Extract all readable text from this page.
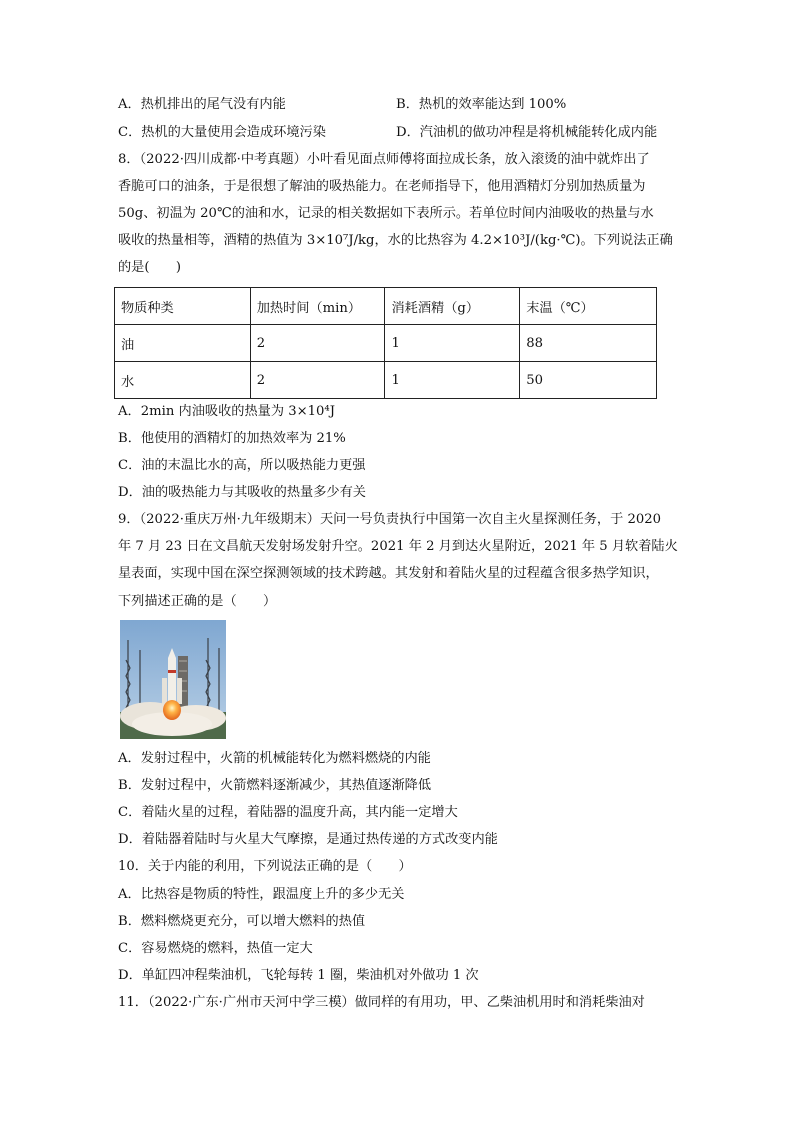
A．热机排出的尾气没有内能	B．热机的效率能达到 100%
C．热机的大量使用会造成环境污染	D．汽油机的做功冲程是将机械能转化成内能
8．（2022·四川成都·中考真题）小叶看见面点师傅将面拉成长条，放入滚烫的油中就炸出了
香脆可口的油条，于是很想了解油的吸热能力。在老师指导下，他用酒精灯分别加热质量为
50g、初温为 20℃的油和水，记录的相关数据如下表所示。若单位时间内油吸收的热量与水
吸收的热量相等，酒精的热值为 3×10⁷J/kg，水的比热容为 4.2×10³J/(kg·℃)。下列说法正确
的是(　　)
物质种类	加热时间（min）	消耗酒精（g）	末温（℃）
油	2	1	88
水	2	1	50
A．2min 内油吸收的热量为 3×10⁴J
B．他使用的酒精灯的加热效率为 21%
C．油的末温比水的高，所以吸热能力更强
D．油的吸热能力与其吸收的热量多少有关
9．（2022·重庆万州·九年级期末）天问一号负责执行中国第一次自主火星探测任务，于 2020
年 7 月 23 日在文昌航天发射场发射升空。2021 年 2 月到达火星附近，2021 年 5 月软着陆火
星表面，实现中国在深空探测领域的技术跨越。其发射和着陆火星的过程蕴含很多热学知识，
下列描述正确的是（　　）
A．发射过程中，火箭的机械能转化为燃料燃烧的内能
B．发射过程中，火箭燃料逐渐减少，其热值逐渐降低
C．着陆火星的过程，着陆器的温度升高，其内能一定增大
D．着陆器着陆时与火星大气摩擦，是通过热传递的方式改变内能
10．关于内能的利用，下列说法正确的是（　　）
A．比热容是物质的特性，跟温度上升的多少无关
B．燃料燃烧更充分，可以增大燃料的热值
C．容易燃烧的燃料，热值一定大
D．单缸四冲程柴油机，飞轮每转 1 圈，柴油机对外做功 1 次
11．（2022·广东·广州市天河中学三模）做同样的有用功，甲、乙柴油机用时和消耗柴油对
